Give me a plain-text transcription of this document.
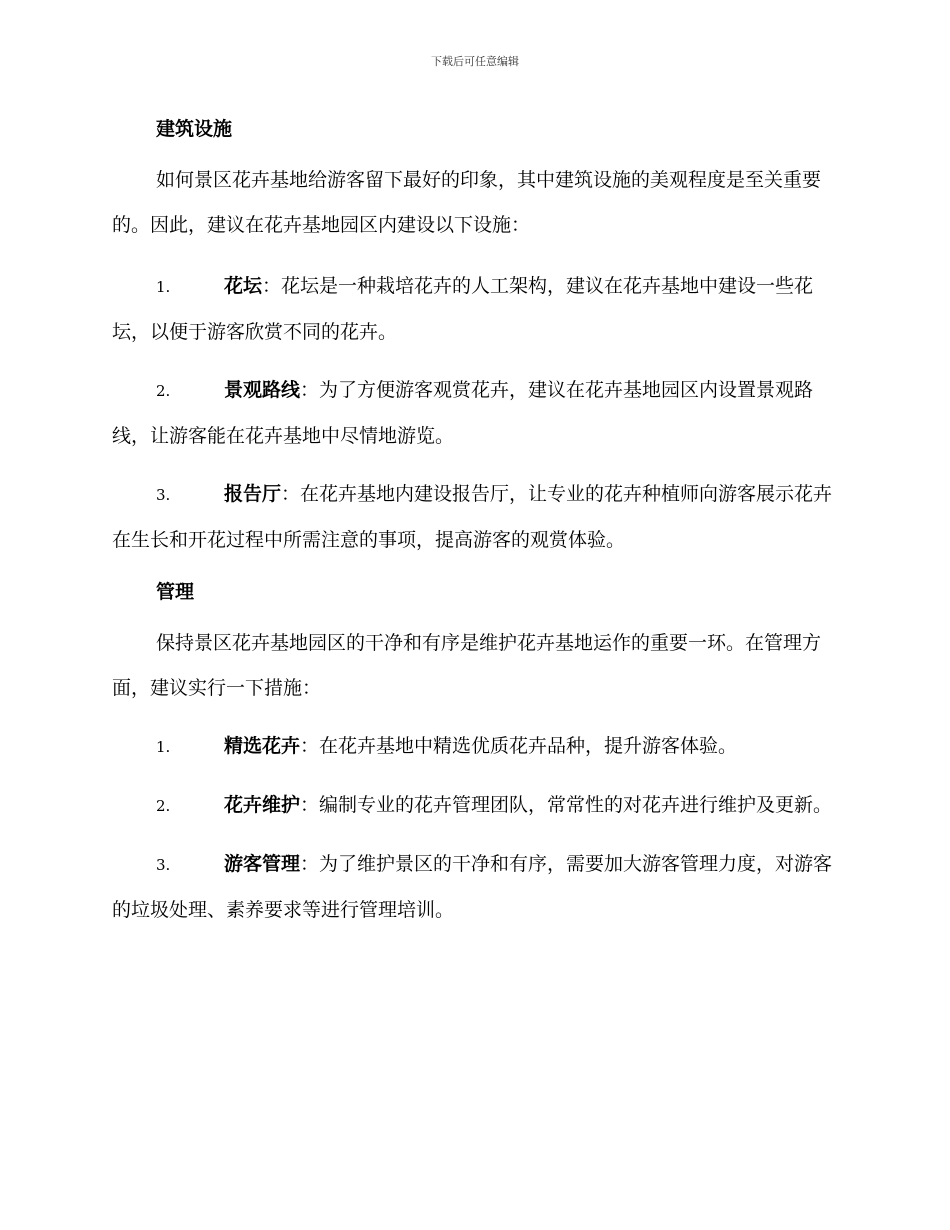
下载后可任意编辑
建筑设施

如何景区花卉基地给游客留下最好的印象，其中建筑设施的美观程度是至关重要的。因此，建议在花卉基地园区内建设以下设施：

1.	花坛：花坛是一种栽培花卉的人工架构，建议在花卉基地中建设一些花坛，以便于游客欣赏不同的花卉。

2.	景观路线：为了方便游客观赏花卉，建议在花卉基地园区内设置景观路线，让游客能在花卉基地中尽情地游览。

3.	报告厅：在花卉基地内建设报告厅，让专业的花卉种植师向游客展示花卉在生长和开花过程中所需注意的事项，提高游客的观赏体验。

管理

保持景区花卉基地园区的干净和有序是维护花卉基地运作的重要一环。在管理方面，建议实行一下措施：

1.	精选花卉：在花卉基地中精选优质花卉品种，提升游客体验。

2.	花卉维护：编制专业的花卉管理团队，常常性的对花卉进行维护及更新。

3.	游客管理：为了维护景区的干净和有序，需要加大游客管理力度，对游客的垃圾处理、素养要求等进行管理培训。
